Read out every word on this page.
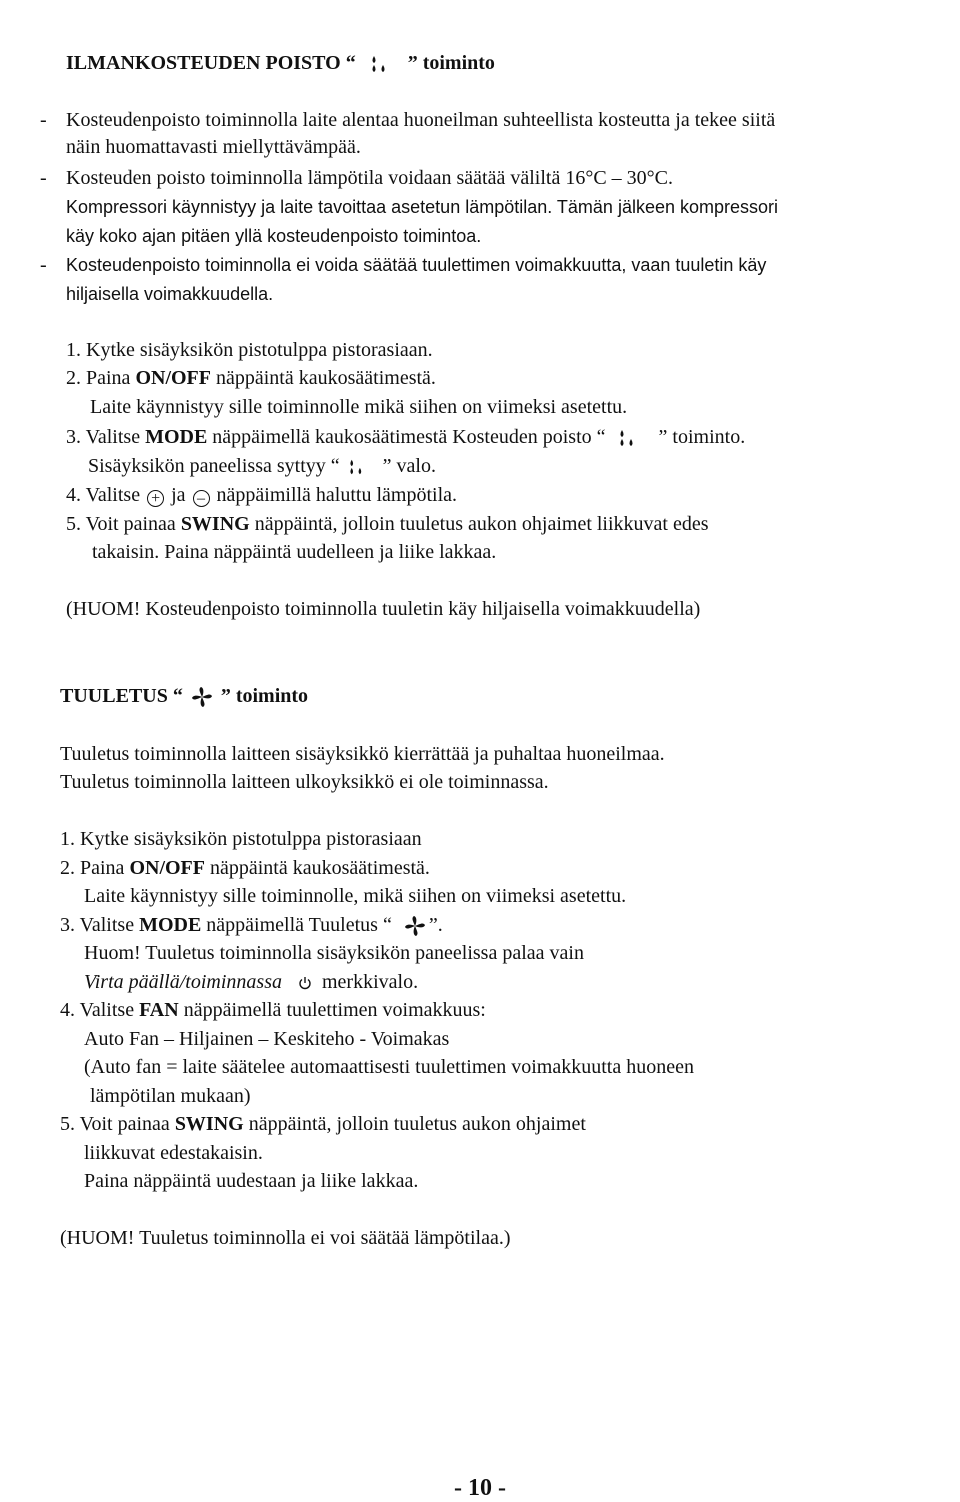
ILMANKOSTEUDEN POISTO “	” toiminto
- Kosteudenpoisto toiminnolla laite alentaa huoneilman suhteellista kosteutta ja tekee siitä
näin huomattavasti miellyttävämpää.
- Kosteuden poisto toiminnolla lämpötila voidaan säätää väliltä 16°C – 30°C.
Kompressori käynnistyy ja laite tavoittaa asetetun lämpötilan. Tämän jälkeen kompressori
käy koko ajan pitäen yllä kosteudenpoisto toimintoa.
- Kosteudenpoisto toiminnolla ei voida säätää tuulettimen voimakkuutta, vaan tuuletin käy
hiljaisella voimakkuudella.
1. Kytke sisäyksikön pistotulppa pistorasiaan.
2. Paina ON/OFF näppäintä kaukosäätimestä.
Laite käynnistyy sille toiminnolle mikä siihen on viimeksi asetettu.
3. Valitse MODE näppäimellä kaukosäätimestä Kosteuden poisto “	” toiminto.
Sisäyksikön paneelissa syttyy “ ” valo.
4. Valitse + ja – näppäimillä haluttu lämpötila.
5. Voit painaa SWING näppäintä, jolloin tuuletus aukon ohjaimet liikkuvat edes
takaisin. Paina näppäintä uudelleen ja liike lakkaa.
(HUOM! Kosteudenpoisto toiminnolla tuuletin käy hiljaisella voimakkuudella)
TUULETUS “ ” toiminto
Tuuletus toiminnolla laitteen sisäyksikkö kierrättää ja puhaltaa huoneilmaa.
Tuuletus toiminnolla laitteen ulkoyksikkö ei ole toiminnassa.
1. Kytke sisäyksikön pistotulppa pistorasiaan
2. Paina ON/OFF näppäintä kaukosäätimestä.
Laite käynnistyy sille toiminnolle, mikä siihen on viimeksi asetettu.
3. Valitse MODE näppäimellä Tuuletus “ ”.
Huom! Tuuletus toiminnolla sisäyksikön paneelissa palaa vain
Virta päällä/toiminnassa  merkkivalo.
4. Valitse FAN näppäimellä tuulettimen voimakkuus:
Auto Fan – Hiljainen – Keskiteho - Voimakas
(Auto fan = laite säätelee automaattisesti tuulettimen voimakkuutta huoneen
lämpötilan mukaan)
5. Voit painaa SWING näppäintä, jolloin tuuletus aukon ohjaimet
liikkuvat edestakaisin.
Paina näppäintä uudestaan ja liike lakkaa.
(HUOM! Tuuletus toiminnolla ei voi säätää lämpötilaa.)
- 10 -
